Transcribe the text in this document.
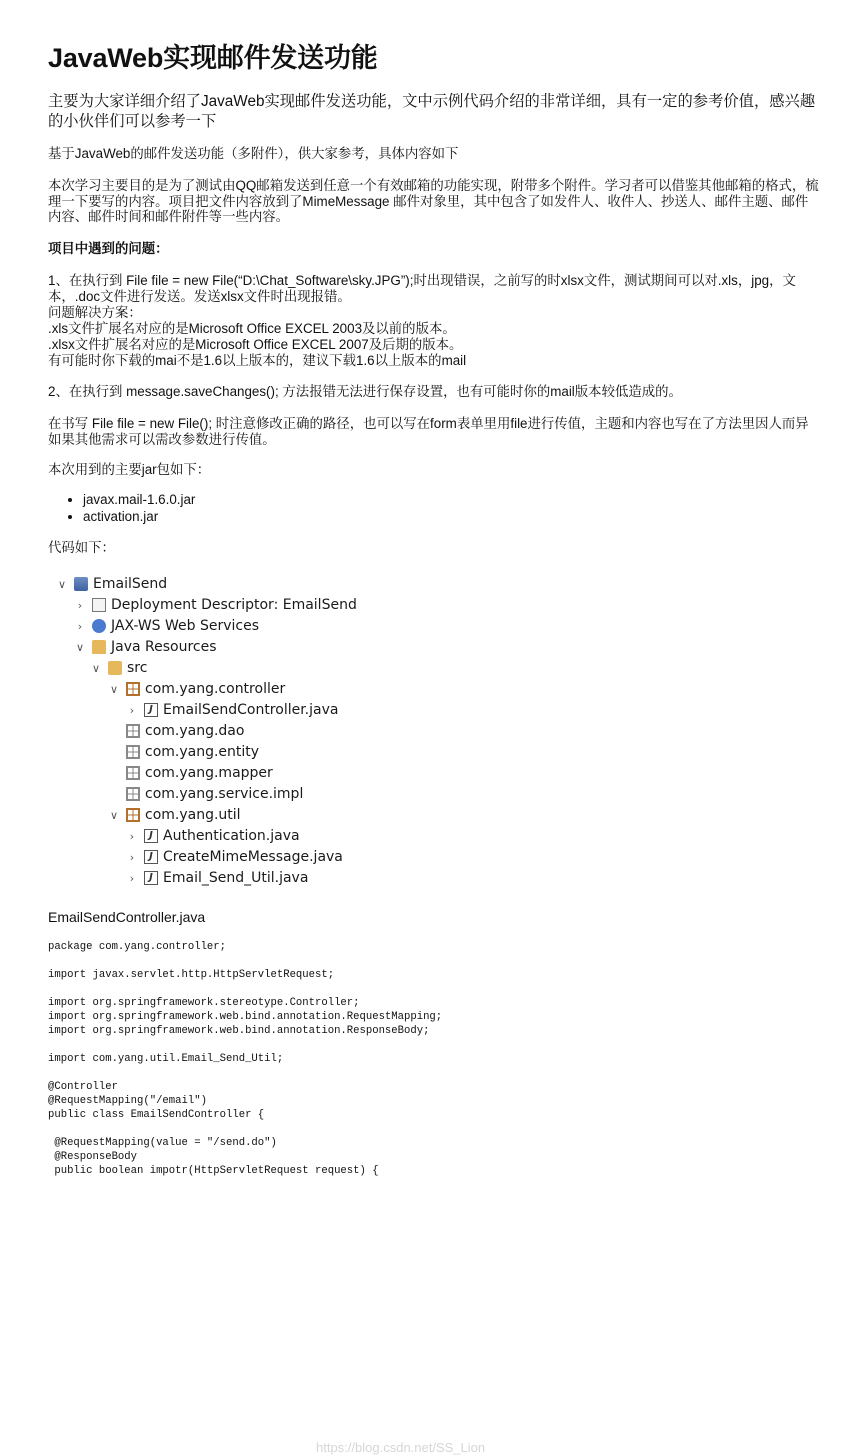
JavaWeb实现邮件发送功能

主要为大家详细介绍了JavaWeb实现邮件发送功能，文中示例代码介绍的非常详细，具有一定的参考价值，感兴趣的小伙伴们可以参考一下

基于JavaWeb的邮件发送功能（多附件），供大家参考，具体内容如下

本次学习主要目的是为了测试由QQ邮箱发送到任意一个有效邮箱的功能实现，附带多个附件。学习者可以借鉴其他邮箱的格式，梳理一下要写的内容。项目把文件内容放到了MimeMessage 邮件对象里，其中包含了如发件人、收件人、抄送人、邮件主题、邮件内容、邮件时间和邮件附件等一些内容。

项目中遇到的问题：

1、在执行到 File file = new File(“D:\Chat_Software\sky.JPG”);时出现错误，之前写的时xlsx文件，测试期间可以对.xls，jpg，文本，.doc文件进行发送。发送xlsx文件时出现报错。

问题解决方案：

.xls文件扩展名对应的是Microsoft Office EXCEL 2003及以前的版本。

.xlsx文件扩展名对应的是Microsoft Office EXCEL 2007及后期的版本。

有可能时你下载的mai不是1.6以上版本的，建议下载1.6以上版本的mail

2、在执行到 message.saveChanges(); 方法报错无法进行保存设置，也有可能时你的mail版本较低造成的。

在书写 File file = new File(); 时注意修改正确的路径，也可以写在form表单里用file进行传值，主题和内容也写在了方法里因人而异如果其他需求可以需改参数进行传值。

本次用到的主要jar包如下：

• javax.mail-1.6.0.jar
• activation.jar

代码如下：

∨ EmailSend
› Deployment Descriptor: EmailSend
› JAX-WS Web Services
∨ Java Resources
∨ src
∨ com.yang.controller
›	J EmailSendController.java
com.yang.dao
com.yang.entity
com.yang.mapper
com.yang.service.impl
∨ com.yang.util
›	J Authentication.java
›	J CreateMimeMessage.java
›	J Email_Send_Util.java
https://blog.csdn.net/SS_Lion

EmailSendController.java

package com.yang.controller;

import javax.servlet.http.HttpServletRequest;

import org.springframework.stereotype.Controller;
import org.springframework.web.bind.annotation.RequestMapping;
import org.springframework.web.bind.annotation.ResponseBody;

import com.yang.util.Email_Send_Util;

@Controller
@RequestMapping("/email")
public class EmailSendController {

@RequestMapping(value = "/send.do")
@ResponseBody
public boolean impotr(HttpServletRequest request) {
